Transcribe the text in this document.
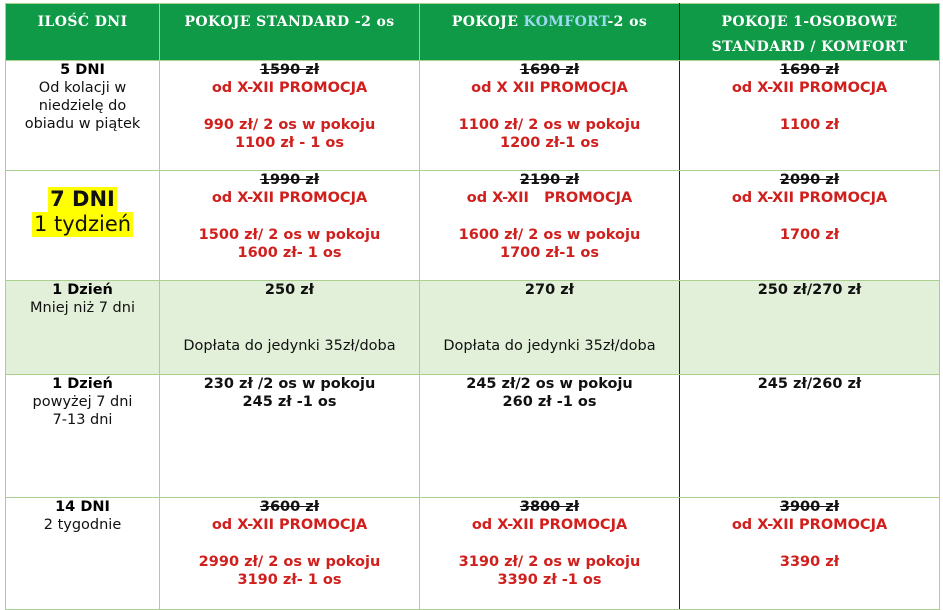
ILOŚĆ DNI	POKOJE STANDARD -2 os	POKOJE KOMFORT-2 os	POKOJE 1-OSOBOWE
STANDARD / KOMFORT

5 DNI
Od kolacji w
niedzielę do
obiadu w piątek	1590 zł
od X-XII PROMOCJA
990 zł/ 2 os w pokoju
1100 zł - 1 os	1690 zł
od X XII PROMOCJA
1100 zł/ 2 os w pokoju
1200 zł-1 os	1690 zł
od X-XII PROMOCJA
1100 zł

7 DNI
1 tydzień	1990 zł
od X-XII PROMOCJA
1500 zł/ 2 os w pokoju
1600 zł- 1 os	2190 zł
od X-XII   PROMOCJA
1600 zł/ 2 os w pokoju
1700 zł-1 os	2090 zł
od X-XII PROMOCJA
1700 zł

1 Dzień
Mniej niż 7 dni	250 zł
Dopłata do jedynki 35zł/doba	270 zł
Dopłata do jedynki 35zł/doba	250 zł/270 zł

1 Dzień
powyżej 7 dni
7-13 dni	230 zł /2 os w pokoju
245 zł -1 os	245 zł/2 os w pokoju
260 zł -1 os	245 zł/260 zł

14 DNI
2 tygodnie	3600 zł
od X-XII PROMOCJA
2990 zł/ 2 os w pokoju
3190 zł- 1 os	3800 zł
od X-XII PROMOCJA
3190 zł/ 2 os w pokoju
3390 zł -1 os	3900 zł
od X-XII PROMOCJA
3390 zł
